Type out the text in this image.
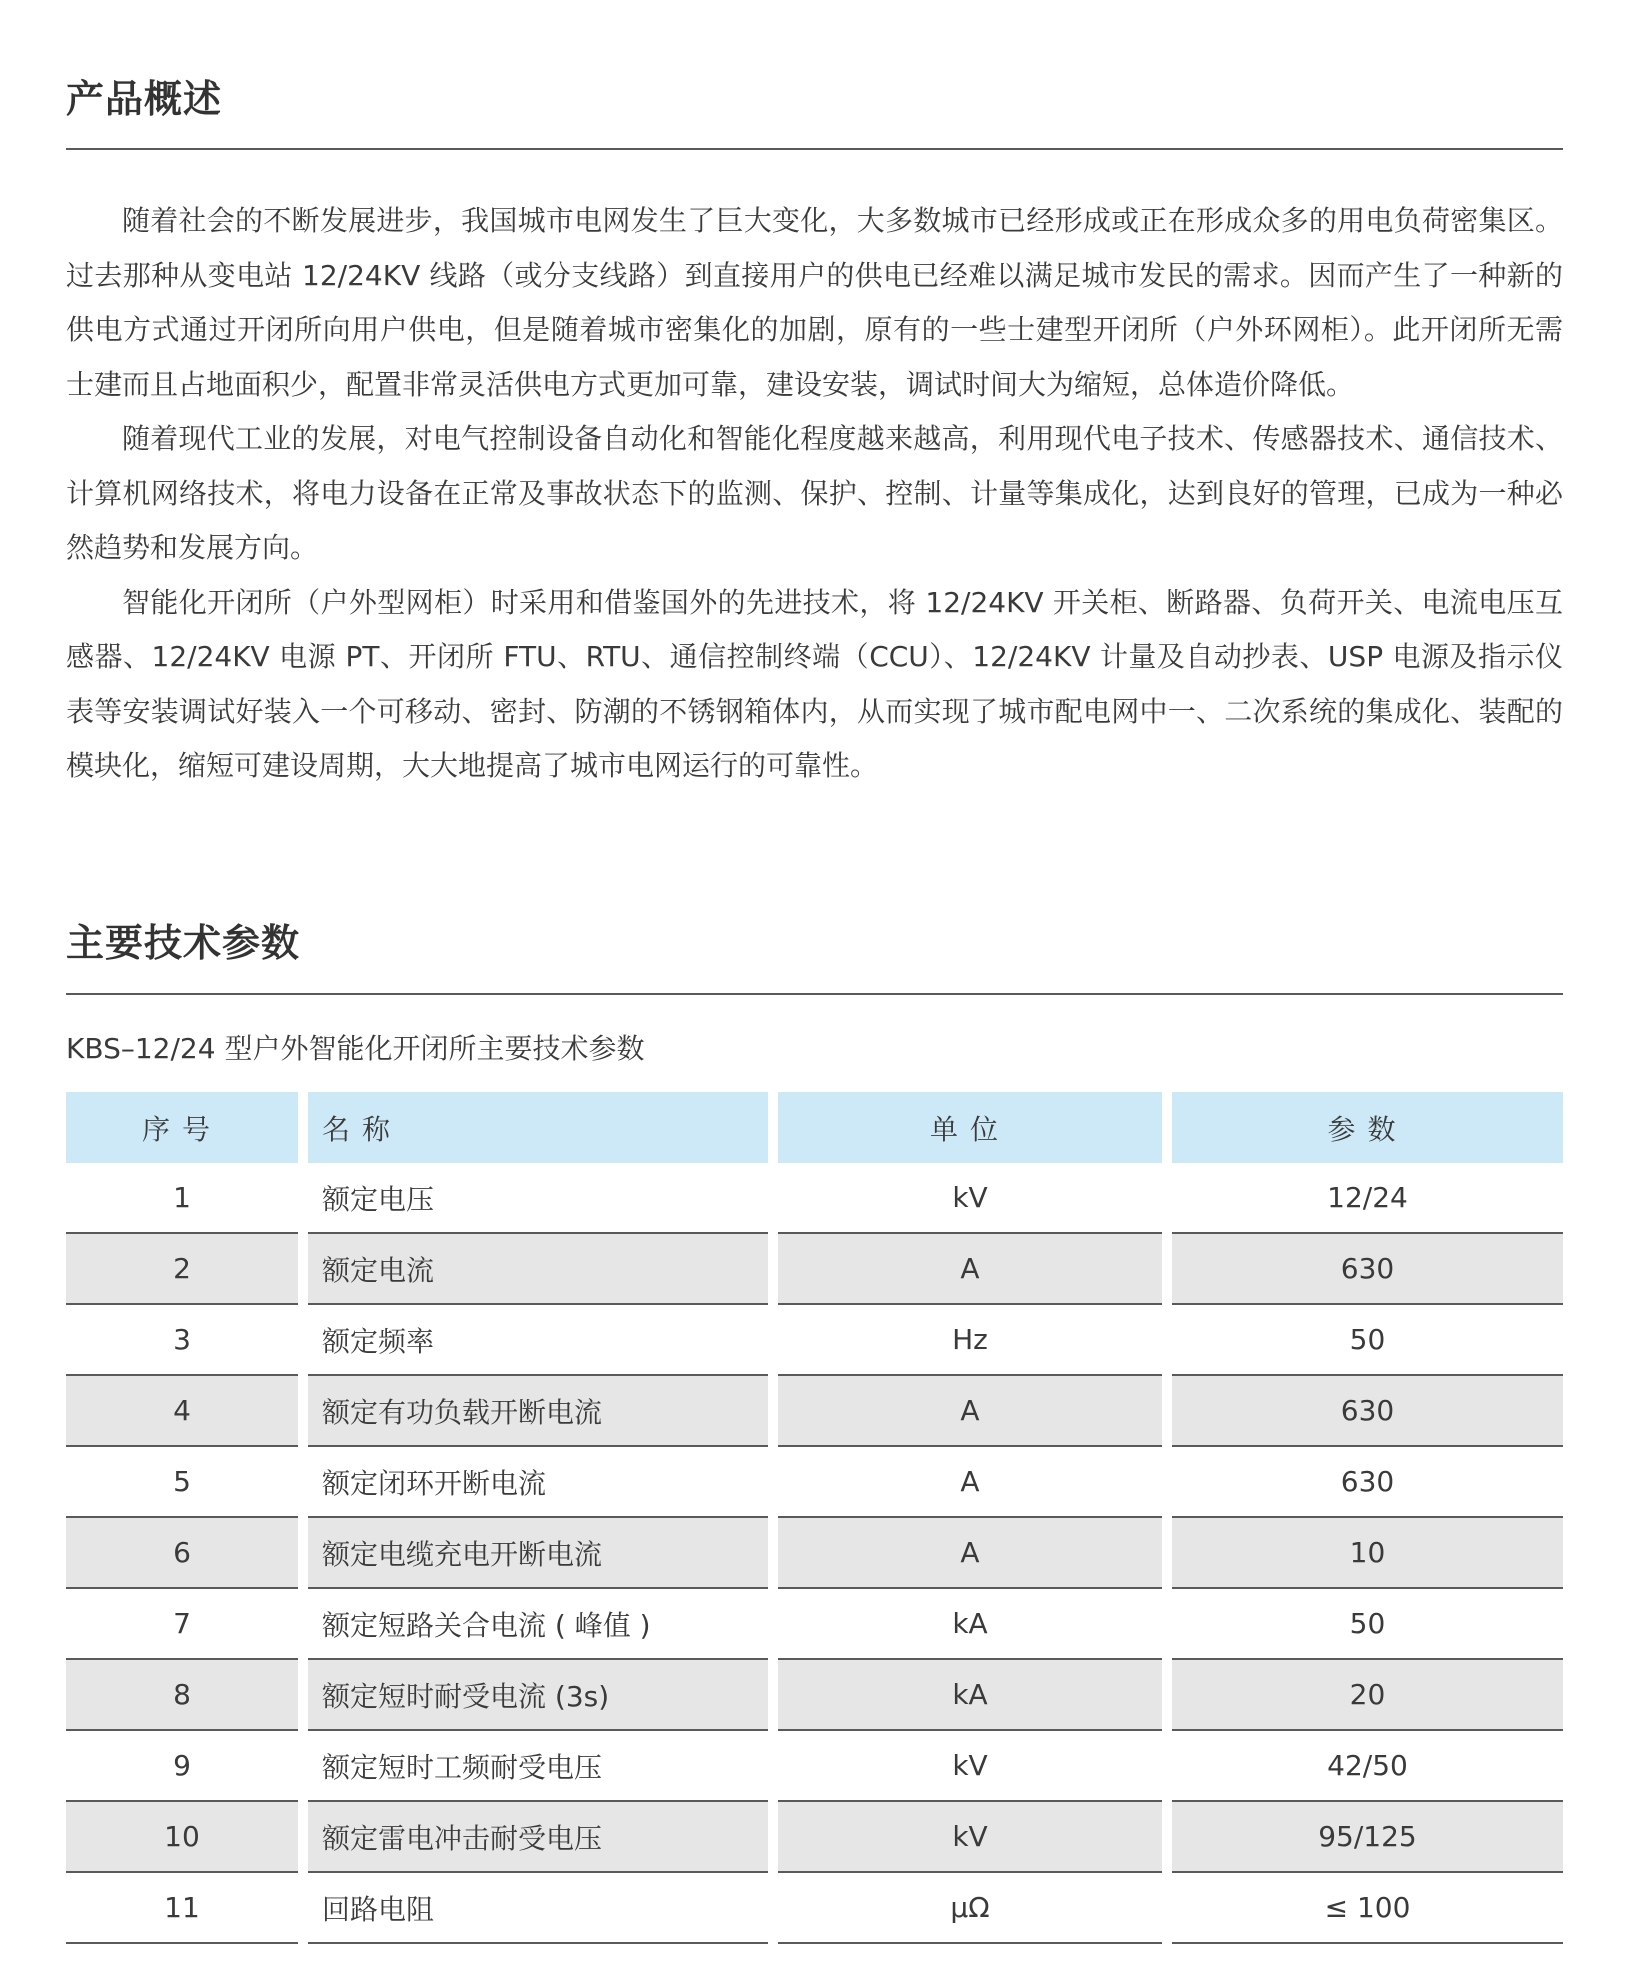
产品概述

随着社会的不断发展进步，我国城市电网发生了巨大变化，大多数城市已经形成或正在形成众多的用电负荷密集区。过去那种从变电站 12/24KV 线路（或分支线路）到直接用户的供电已经难以满足城市发民的需求。因而产生了一种新的供电方式通过开闭所向用户供电，但是随着城市密集化的加剧，原有的一些士建型开闭所（户外环网柜）。此开闭所无需士建而且占地面积少，配置非常灵活供电方式更加可靠，建设安装，调试时间大为缩短，总体造价降低。

随着现代工业的发展，对电气控制设备自动化和智能化程度越来越高，利用现代电子技术、传感器技术、通信技术、计算机网络技术，将电力设备在正常及事故状态下的监测、保护、控制、计量等集成化，达到良好的管理，已成为一种必然趋势和发展方向。

智能化开闭所（户外型网柜）时采用和借鉴国外的先进技术，将 12/24KV 开关柜、断路器、负荷开关、电流电压互感器、12/24KV 电源 PT、开闭所 FTU、RTU、通信控制终端（CCU）、12/24KV 计量及自动抄表、USP 电源及指示仪表等安装调试好装入一个可移动、密封、防潮的不锈钢箱体内，从而实现了城市配电网中一、二次系统的集成化、装配的模块化，缩短可建设周期，大大地提高了城市电网运行的可靠性。

主要技术参数
KBS–12/24 型户外智能化开闭所主要技术参数
序号	名称	单位	参数
1	额定电压	kV	12/24
2	额定电流	A	630
3	额定频率	Hz	50
4	额定有功负载开断电流	A	630
5	额定闭环开断电流	A	630
6	额定电缆充电开断电流	A	10
7	额定短路关合电流 ( 峰值 )	kA	50
8	额定短时耐受电流 (3s)	kA	20
9	额定短时工频耐受电压	kV	42/50
10	额定雷电冲击耐受电压	kV	95/125
11	回路电阻	μΩ	≤ 100
